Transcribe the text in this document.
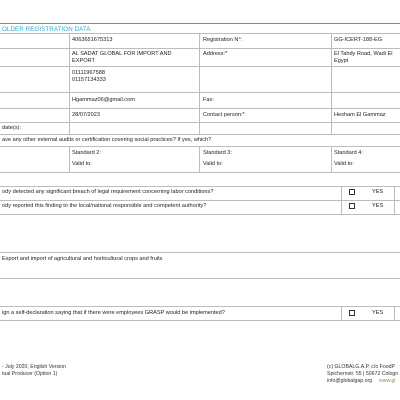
OLDER REGISTRATION DATA
4063651675313	Registration N°:	GG-ICERT-188-EG
AL SADAT GLOBAL FOR IMPORT AND
EXPORT
Address:*	El Tahdy Road, Wadi El
Egypt
01111967588
01157134333
Hgammaz06@gmail.com	Fax:
28/07/2023	Contact person:*	Hesham El Gammaz
date(s):
ave any other external audits or certification covering social practices? If yes, which?
Standard 2:
Valid to:
Standard 3:
Valid to:
Standard 4:
Valid to:
ody detected any significant breach of legal requirement concerning labor conditions?	YES
ody reported this finding to the local/national responsible and competent authority?	YES
Export and import of agricultural and horticultural crops and fruits
ign a self-declaration saying that if there were employees GRASP would be implemented?	YES
- July 2020, English Version
tual Producer (Option 1)
(c) GLOBALG.A.P. c/o FoodP
Spichernstr. 55 | 50672 Cologn
info@globalgap.org www.gl
